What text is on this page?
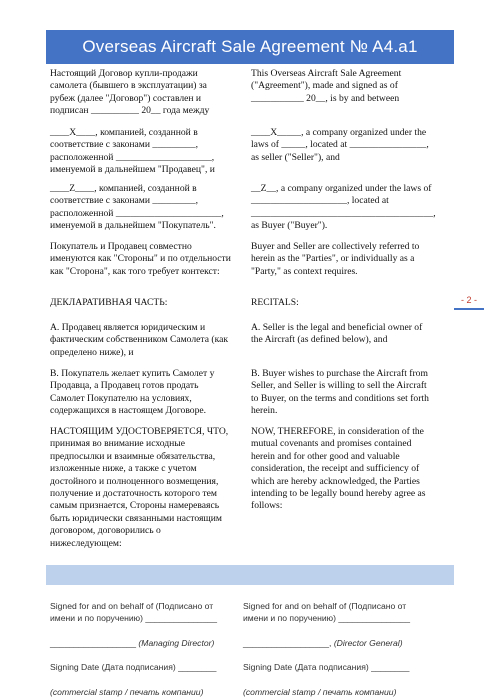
Overseas Aircraft Sale Agreement № A4.a1
Настоящий Договор купли-продажи
самолета (бывшего в эксплуатации) за
рубеж (далее "Договор") составлен и
подписан __________ 20__ года между
____X____, компанией, созданной в
соответствие с законами _________,
расположенной ____________________,
именуемой в дальнейшем "Продавец", и
____Z____, компанией, созданной в
соответствие с законами _________,
расположенной ______________________,
именуемой в дальнейшем "Покупатель".
Покупатель и Продавец совместно
именуются как "Стороны" и по отдельности
как "Сторона", как того требует контекст:
ДЕКЛАРАТИВНАЯ ЧАСТЬ:
А. Продавец является юридическим и
фактическим собственником Самолета (как
определено ниже), и
В. Покупатель желает купить Самолет у
Продавца, а Продавец готов продать
Самолет Покупателю на условиях,
содержащихся в настоящем Договоре.
НАСТОЯЩИМ УДОСТОВЕРЯЕТСЯ, ЧТО,
принимая во внимание исходные
предпосылки и взаимные обязательства,
изложенные ниже, а также с учетом
достойного и полноценного возмещения,
получение и достаточность которого тем
самым признается, Стороны намереваясь
быть юридически связанными настоящим
договором, договорились о
нижеследующем:
This Overseas Aircraft Sale Agreement
("Agreement"), made and signed as of
___________ 20__, is by and between
____X_____, a company organized under the
laws of _____, located at ________________,
as seller ("Seller"), and
__Z__, a company organized under the laws of
____________________, located at
______________________________________,
as Buyer ("Buyer").
Buyer and Seller are collectively referred to
herein as the "Parties", or individually as a
"Party," as context requires.
RECITALS:
A. Seller is the legal and beneficial owner of
the Aircraft (as defined below), and
B. Buyer wishes to purchase the Aircraft from
Seller, and Seller is willing to sell the Aircraft
to Buyer, on the terms and conditions set forth
herein.
NOW, THEREFORE, in consideration of the
mutual covenants and promises contained
herein and for other good and valuable
consideration, the receipt and sufficiency of
which are hereby acknowledged, the Parties
intending to be legally bound hereby agree as
follows:
- 2 -

Signed for and on behalf of (Подписано от
имени и по поручению) _______________

__________________ (Managing Director)

Signing Date (Дата подписания) ________

(commercial stamp / печать компании)

Signed for and on behalf of (Подписано от
имени и по поручению) _______________

__________________, (Director General)

Signing Date (Дата подписания) ________

(commercial stamp / печать компании)
